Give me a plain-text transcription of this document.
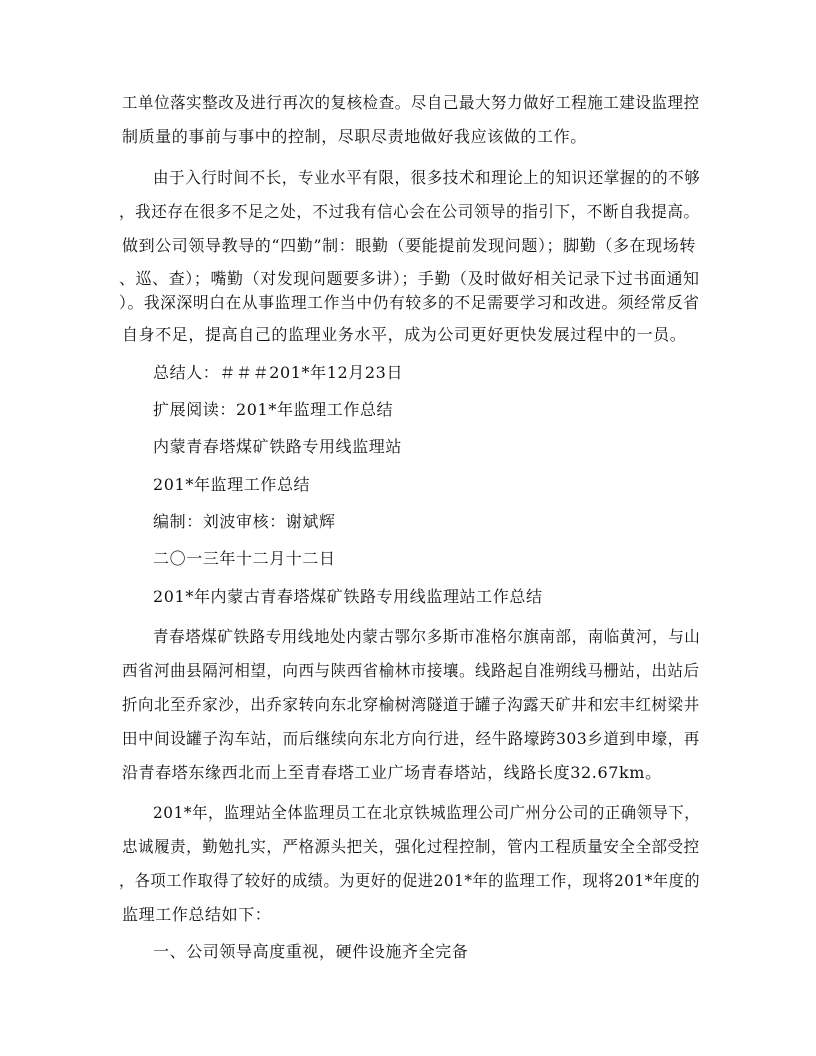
工单位落实整改及进行再次的复核检查。尽自己最大努力做好工程施工建设监理控
制质量的事前与事中的控制，尽职尽责地做好我应该做的工作。
由于入行时间不长，专业水平有限，很多技术和理论上的知识还掌握的的不够
，我还存在很多不足之处，不过我有信心会在公司领导的指引下，不断自我提高。
做到公司领导教导的“四勤”制：眼勤（要能提前发现问题）；脚勤（多在现场转
、巡、查）；嘴勤（对发现问题要多讲）；手勤（及时做好相关记录下过书面通知
）。我深深明白在从事监理工作当中仍有较多的不足需要学习和改进。须经常反省
自身不足，提高自己的监理业务水平，成为公司更好更快发展过程中的一员。
总结人：＃＃＃201*年12月23日
扩展阅读：201*年监理工作总结
内蒙青春塔煤矿铁路专用线监理站
201*年监理工作总结
编制：刘波审核：谢斌辉
二〇一三年十二月十二日
201*年内蒙古青春塔煤矿铁路专用线监理站工作总结
青春塔煤矿铁路专用线地处内蒙古鄂尔多斯市准格尔旗南部，南临黄河，与山
西省河曲县隔河相望，向西与陕西省榆林市接壤。线路起自准朔线马栅站，出站后
折向北至乔家沙，出乔家转向东北穿榆树湾隧道于罐子沟露天矿井和宏丰红树梁井
田中间设罐子沟车站，而后继续向东北方向行进，经牛路壕跨303乡道到申壕，再
沿青春塔东缘西北而上至青春塔工业广场青春塔站，线路长度32.67km。
201*年，监理站全体监理员工在北京铁城监理公司广州分公司的正确领导下，
忠诚履责，勤勉扎实，严格源头把关，强化过程控制，管内工程质量安全全部受控
，各项工作取得了较好的成绩。为更好的促进201*年的监理工作，现将201*年度的
监理工作总结如下：
一、公司领导高度重视，硬件设施齐全完备
